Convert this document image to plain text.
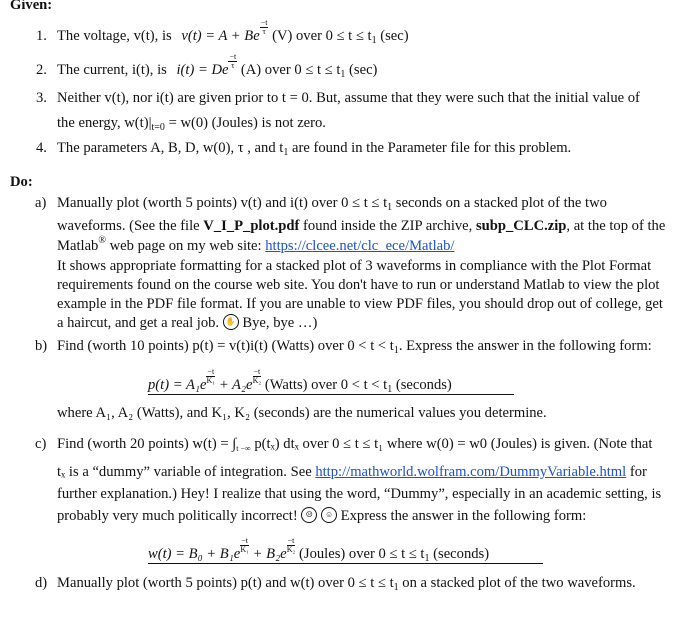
Given:
1. The voltage, v(t), is v(t) = A + Be $\frac{-t}{\tau} (V)$ over $0 \le t \le t_1$ (sec)
2. The current, i(t), is i(t) = De $\frac{-t}{\tau} (A)$ over $0 \le t \le t_1$ (sec)
3. Neither v(t), nor i(t) are given prior to t = 0. But, assume that they were such that the initial value of
the energy, $w(t)|_{t=0} = w(0)$ (Joules) is not zero.
4. The parameters A, B, D, w(0), τ , and $t_1$ are found in the Parameter file for this problem.
Do:
a) Manually plot (worth 5 points) v(t) and i(t) over $0 \le t \le t_1$ seconds on a stacked plot of the two
waveforms. (See the file V_I_P_plot.pdf found inside the ZIP archive, subp_CLC.zip, at the top of the
Matlab® web page on my web site: https://clcee.net/clc_ece/Matlab/
It shows appropriate formatting for a stacked plot of 3 waveforms in compliance with the Plot Format
requirements found on the course web site. You don't have to run or understand Matlab to view the plot
example in the PDF file format. If you are unable to view PDF files, you should drop out of college, get
a haircut, and get a real job. ✋ Bye, bye …)
b) Find (worth 10 points) p(t) = v(t)i(t) (Watts) over $0 < t < t_1$. Express the answer in the following form:
$p(t) = A_1e \frac{-t}{\text{K₁}} + A_2e \frac{-t}{\text{K₂}}$ (Watts) over $0 < t < t_1$ (seconds)
where A₁, A₂ (Watts), and K₁, K₂ (seconds) are the numerical values you determine.
c) Find (worth 20 points) $w(t) = \int_{t -\infty}$ p(tₓ) dtₓ over 0 ≤ t ≤ t₁ where w(0) = w0 (Joules) is given. (Note that
tₓ is a “dummy” variable of integration. See http://mathworld.wolfram.com/DummyVariable.html for
further explanation.) Hey! I realize that using the word, “Dummy”, especially in an academic setting, is
probably very much politically incorrect! ☹ ☺ Express the answer in the following form:
$w(t) = B_0 + B_1e \frac{-t}{\text{K₁}} + B_2e \frac{-t}{\text{K₂}}$ (Joules) over $0 \le t \le t_1$ (seconds)
d) Manually plot (worth 5 points) p(t) and w(t) over $0 \le t \le t_1$ on a stacked plot of the two waveforms.
